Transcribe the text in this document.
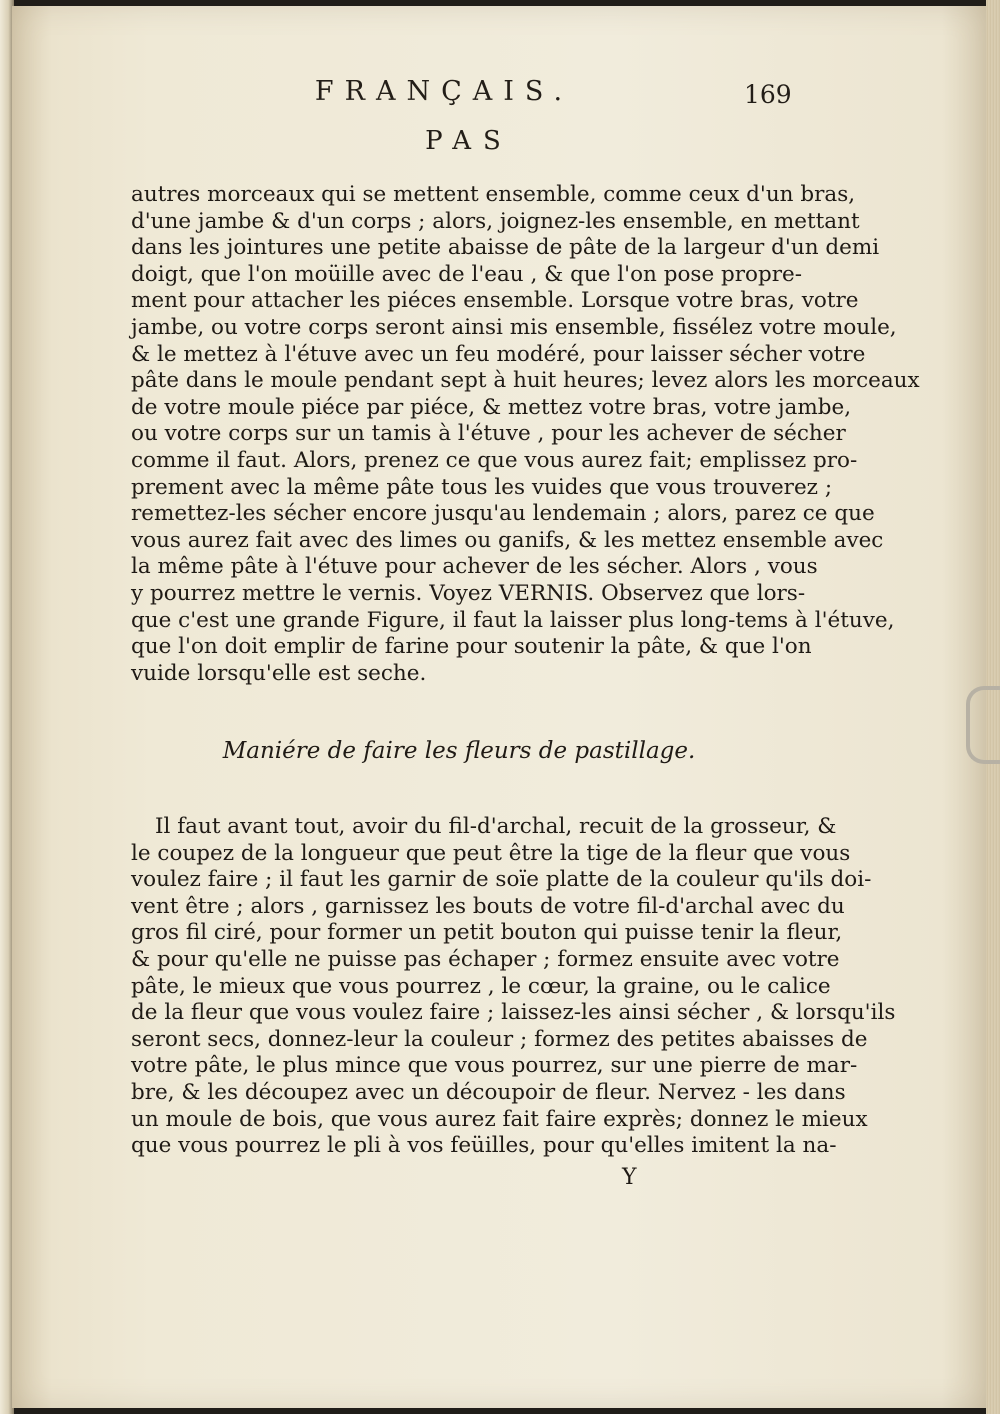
FRANÇAIS.	169
PAS
autres morceaux qui se mettent ensemble, comme ceux d'un bras,
d'une jambe & d'un corps ; alors, joignez-les ensemble, en mettant
dans les jointures une petite abaisse de pâte de la largeur d'un demi
doigt, que l'on moüille avec de l'eau , & que l'on pose propre-
ment pour attacher les piéces ensemble. Lorsque votre bras, votre
jambe, ou votre corps seront ainsi mis ensemble, fissélez votre moule,
& le mettez à l'étuve avec un feu modéré, pour laisser sécher votre
pâte dans le moule pendant sept à huit heures; levez alors les morceaux
de votre moule piéce par piéce, & mettez votre bras, votre jambe,
ou votre corps sur un tamis à l'étuve , pour les achever de sécher
comme il faut. Alors, prenez ce que vous aurez fait; emplissez pro-
prement avec la même pâte tous les vuides que vous trouverez ;
remettez-les sécher encore jusqu'au lendemain ; alors, parez ce que
vous aurez fait avec des limes ou ganifs, & les mettez ensemble avec
la même pâte à l'étuve pour achever de les sécher. Alors , vous
y pourrez mettre le vernis. Voyez VERNIS. Observez que lors-
que c'est une grande Figure, il faut la laisser plus long-tems à l'étuve,
que l'on doit emplir de farine pour soutenir la pâte, & que l'on
vuide lorsqu'elle est seche.
Maniére de faire les fleurs de pastillage.
Il faut avant tout, avoir du fil-d'archal, recuit de la grosseur, &
le coupez de la longueur que peut être la tige de la fleur que vous
voulez faire ; il faut les garnir de soïe platte de la couleur qu'ils doi-
vent être ; alors , garnissez les bouts de votre fil-d'archal avec du
gros fil ciré, pour former un petit bouton qui puisse tenir la fleur,
& pour qu'elle ne puisse pas échaper ; formez ensuite avec votre
pâte, le mieux que vous pourrez , le cœur, la graine, ou le calice
de la fleur que vous voulez faire ; laissez-les ainsi sécher , & lorsqu'ils
seront secs, donnez-leur la couleur ; formez des petites abaisses de
votre pâte, le plus mince que vous pourrez, sur une pierre de mar-
bre, & les découpez avec un découpoir de fleur. Nervez - les dans
un moule de bois, que vous aurez fait faire exprès; donnez le mieux
que vous pourrez le pli à vos feüilles, pour qu'elles imitent la na-
Y
